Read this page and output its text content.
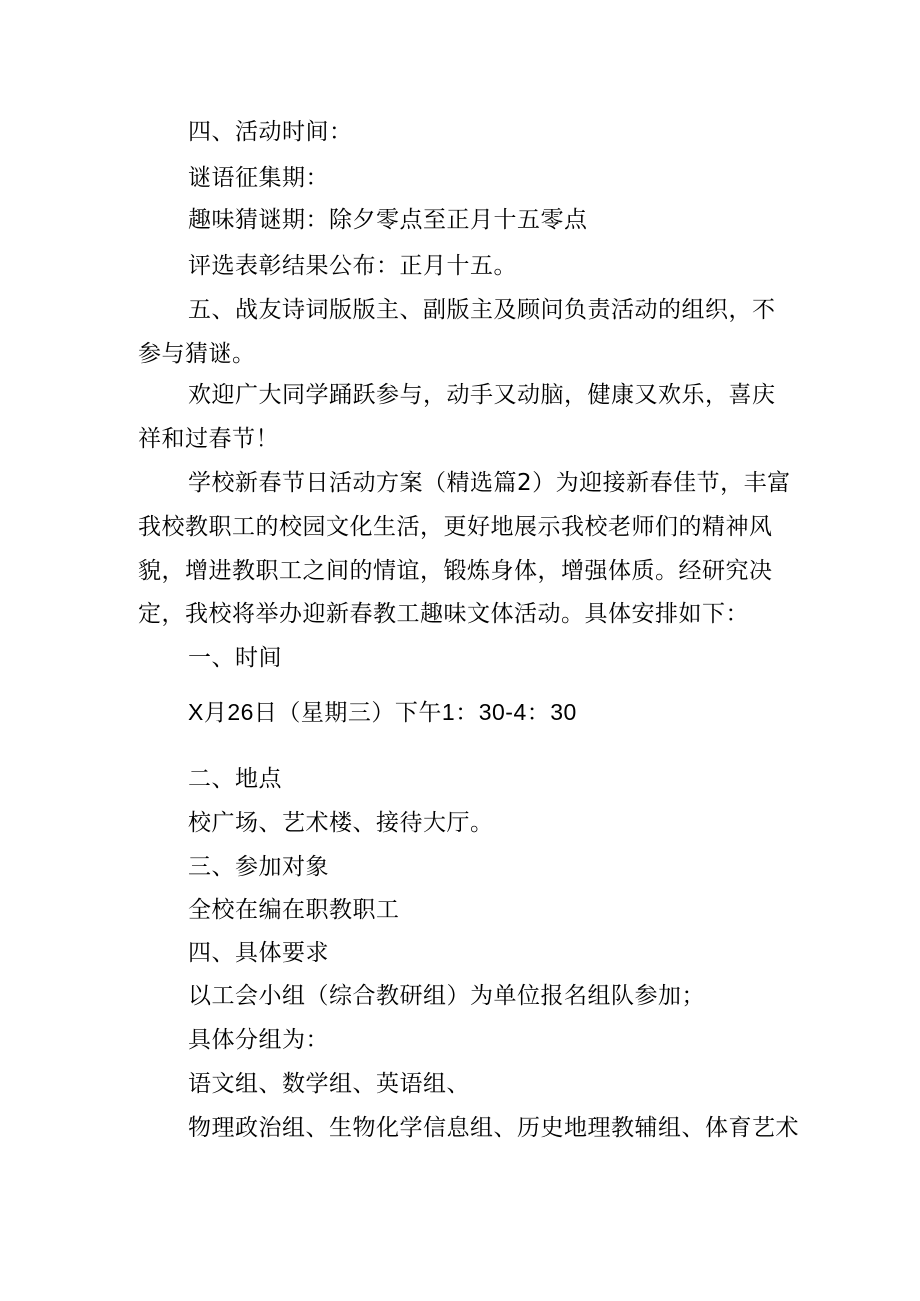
四、活动时间：
谜语征集期：
趣味猜谜期：除夕零点至正月十五零点
评选表彰结果公布：正月十五。
五、战友诗词版版主、副版主及顾问负责活动的组织，不
参与猜谜。
欢迎广大同学踊跃参与，动手又动脑，健康又欢乐，喜庆
祥和过春节！
学校新春节日活动方案（精选篇2）为迎接新春佳节，丰富
我校教职工的校园文化生活，更好地展示我校老师们的精神风
貌，增进教职工之间的情谊，锻炼身体，增强体质。经研究决
定，我校将举办迎新春教工趣味文体活动。具体安排如下：
一、时间
X月26日（星期三）下午1：30-4：30
二、地点
校广场、艺术楼、接待大厅。
三、参加对象
全校在编在职教职工
四、具体要求
以工会小组（综合教研组）为单位报名组队参加；
具体分组为：
语文组、数学组、英语组、
物理政治组、生物化学信息组、历史地理教辅组、体育艺术
